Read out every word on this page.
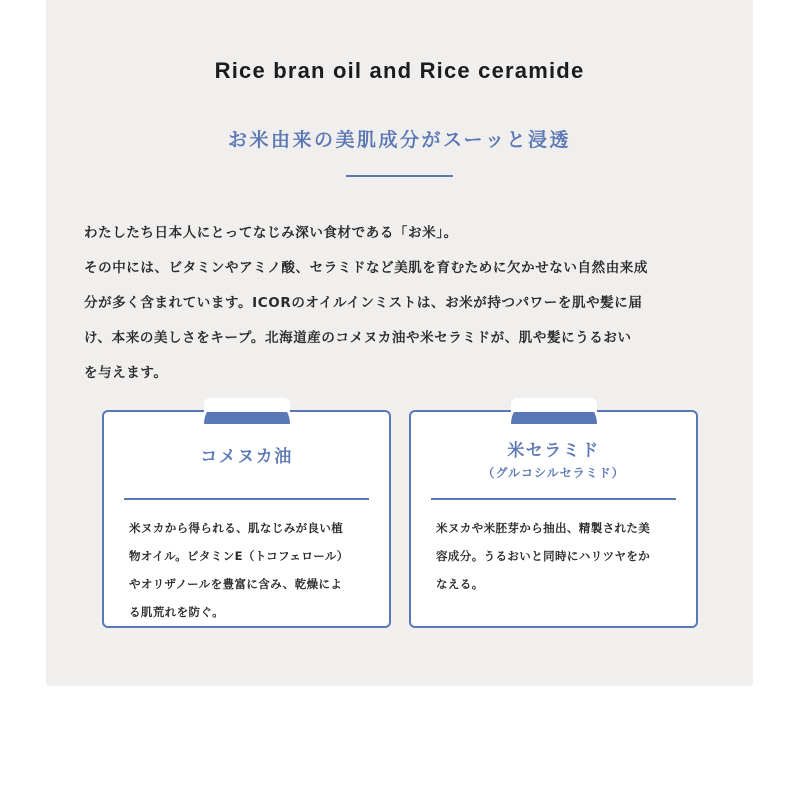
Rice bran oil and Rice ceramide
お米由来の美肌成分がスーッと浸透

わたしたち日本人にとってなじみ深い食材である「お米」。

その中には、ビタミンやアミノ酸、セラミドなど美肌を育むために欠かせない自然由来成

分が多く含まれています。ICORのオイルインミストは、お米が持つパワーを肌や髪に届

け、本来の美しさをキープ。北海道産のコメヌカ油や米セラミドが、肌や髪にうるおい

を与えます。

コメヌカ油

米ヌカから得られる、肌なじみが良い植

物オイル。ビタミンE（トコフェロール）

やオリザノールを豊富に含み、乾燥によ

る肌荒れを防ぐ。

米セラミド
（グルコシルセラミド）

米ヌカや米胚芽から抽出、精製された美

容成分。うるおいと同時にハリツヤをか

なえる。
